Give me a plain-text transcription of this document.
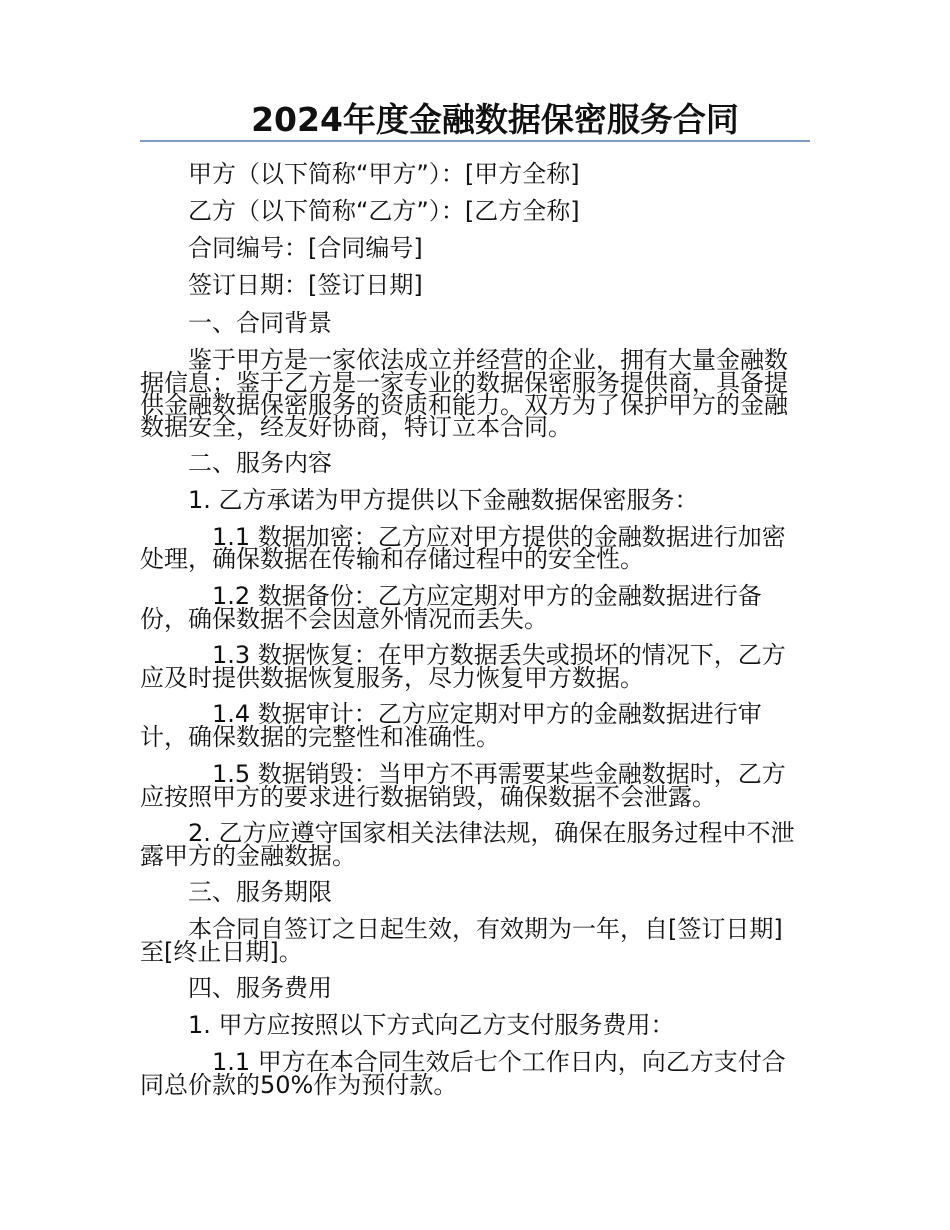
2024年度金融数据保密服务合同

甲方（以下简称“甲方”）：[甲方全称]

乙方（以下简称“乙方”）：[乙方全称]

合同编号：[合同编号]

签订日期：[签订日期]

一、合同背景

鉴于甲方是一家依法成立并经营的企业，拥有大量金融数

据信息；鉴于乙方是一家专业的数据保密服务提供商，具备提

供金融数据保密服务的资质和能力。双方为了保护甲方的金融

数据安全，经友好协商，特订立本合同。

二、服务内容

1. 乙方承诺为甲方提供以下金融数据保密服务：

1.1 数据加密：乙方应对甲方提供的金融数据进行加密

处理，确保数据在传输和存储过程中的安全性。

1.2 数据备份：乙方应定期对甲方的金融数据进行备

份，确保数据不会因意外情况而丢失。

1.3 数据恢复：在甲方数据丢失或损坏的情况下，乙方

应及时提供数据恢复服务，尽力恢复甲方数据。

1.4 数据审计：乙方应定期对甲方的金融数据进行审

计，确保数据的完整性和准确性。

1.5 数据销毁：当甲方不再需要某些金融数据时，乙方

应按照甲方的要求进行数据销毁，确保数据不会泄露。

2. 乙方应遵守国家相关法律法规，确保在服务过程中不泄

露甲方的金融数据。

三、服务期限

本合同自签订之日起生效，有效期为一年，自[签订日期]

至[终止日期]。

四、服务费用

1. 甲方应按照以下方式向乙方支付服务费用：

1.1 甲方在本合同生效后七个工作日内，向乙方支付合

同总价款的50%作为预付款。
